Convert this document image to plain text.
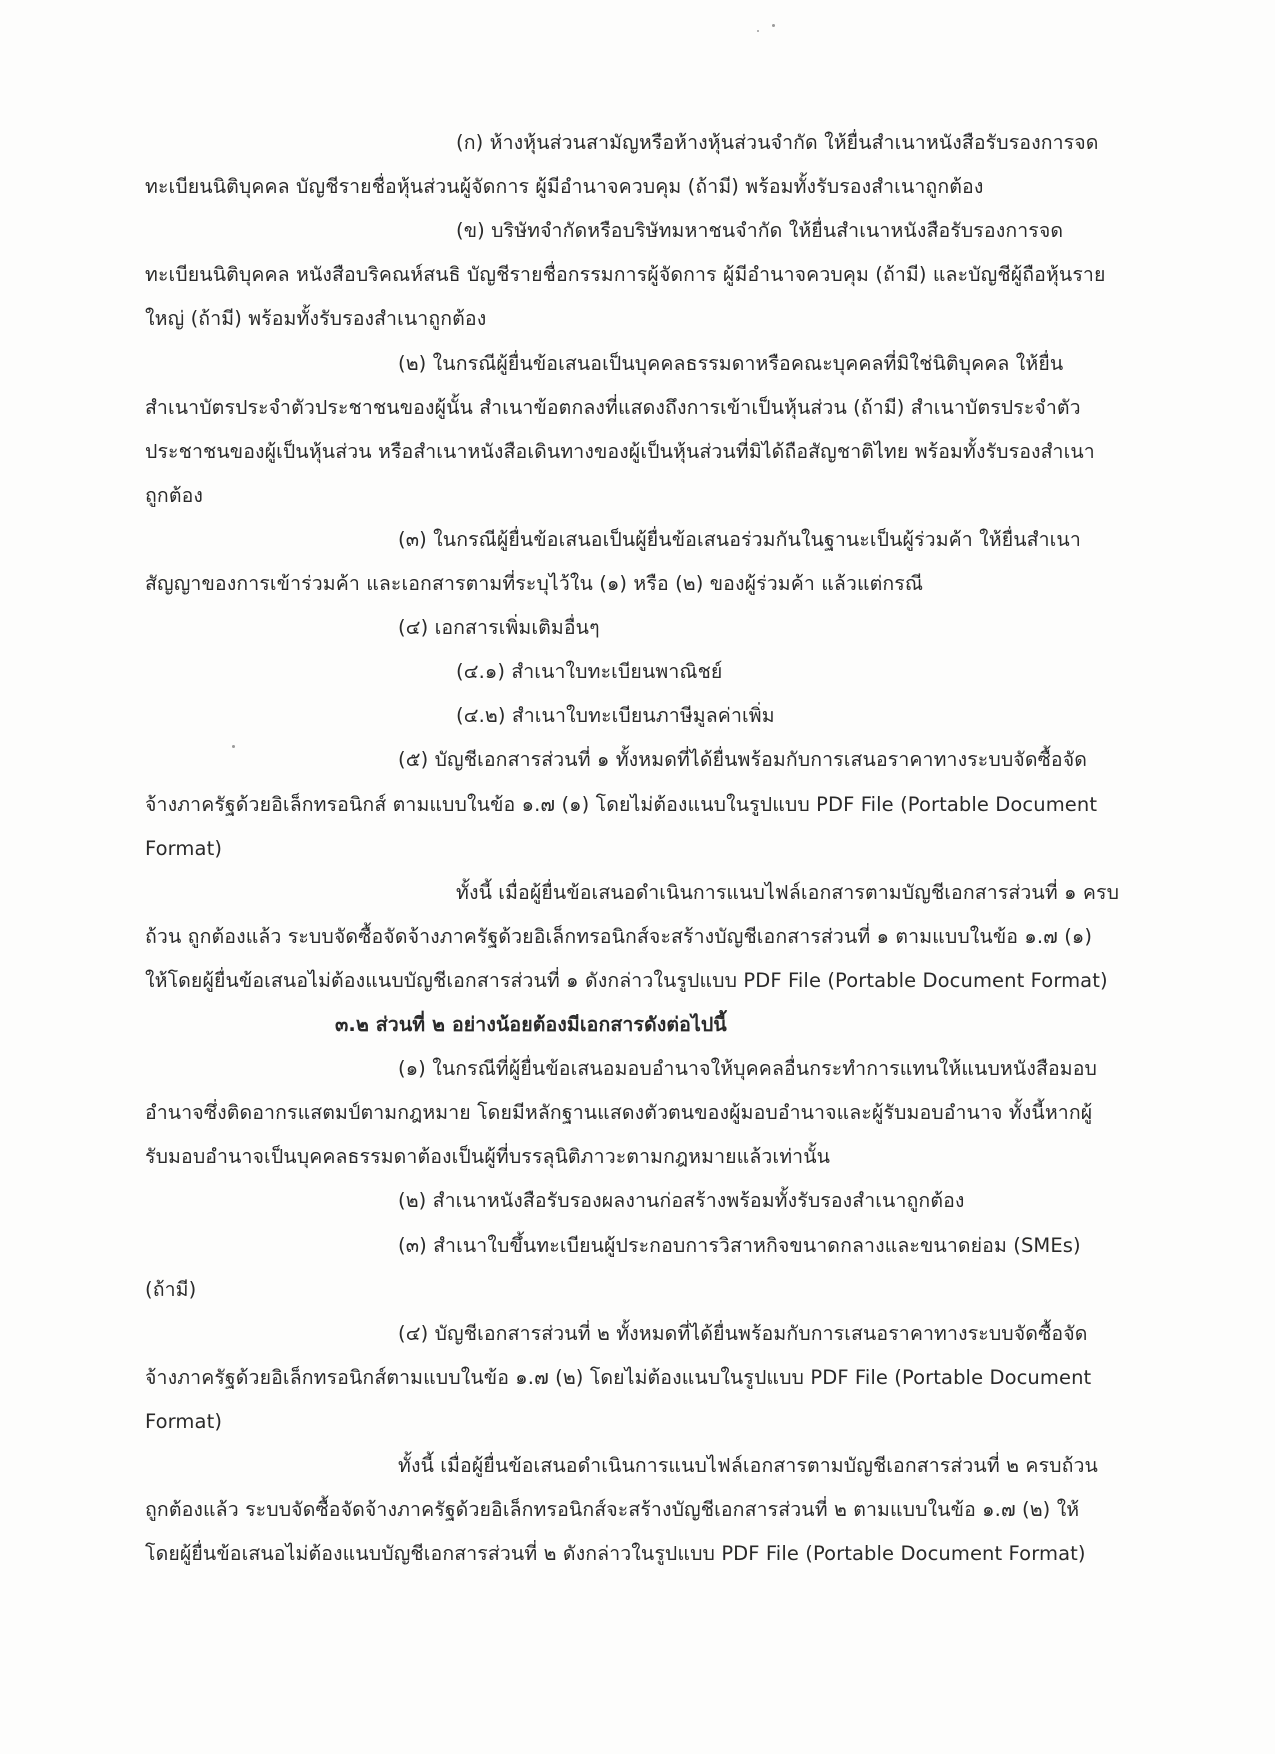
(ก) ห้างหุ้นส่วนสามัญหรือห้างหุ้นส่วนจำกัด ให้ยื่นสำเนาหนังสือรับรองการจด
ทะเบียนนิติบุคคล บัญชีรายชื่อหุ้นส่วนผู้จัดการ ผู้มีอำนาจควบคุม (ถ้ามี) พร้อมทั้งรับรองสำเนาถูกต้อง
(ข) บริษัทจำกัดหรือบริษัทมหาชนจำกัด ให้ยื่นสำเนาหนังสือรับรองการจด
ทะเบียนนิติบุคคล หนังสือบริคณห์สนธิ บัญชีรายชื่อกรรมการผู้จัดการ ผู้มีอำนาจควบคุม (ถ้ามี) และบัญชีผู้ถือหุ้นราย
ใหญ่ (ถ้ามี) พร้อมทั้งรับรองสำเนาถูกต้อง
(๒) ในกรณีผู้ยื่นข้อเสนอเป็นบุคคลธรรมดาหรือคณะบุคคลที่มิใช่นิติบุคคล ให้ยื่น
สำเนาบัตรประจำตัวประชาชนของผู้นั้น สำเนาข้อตกลงที่แสดงถึงการเข้าเป็นหุ้นส่วน (ถ้ามี) สำเนาบัตรประจำตัว
ประชาชนของผู้เป็นหุ้นส่วน หรือสำเนาหนังสือเดินทางของผู้เป็นหุ้นส่วนที่มิได้ถือสัญชาติไทย พร้อมทั้งรับรองสำเนา
ถูกต้อง
(๓) ในกรณีผู้ยื่นข้อเสนอเป็นผู้ยื่นข้อเสนอร่วมกันในฐานะเป็นผู้ร่วมค้า ให้ยื่นสำเนา
สัญญาของการเข้าร่วมค้า และเอกสารตามที่ระบุไว้ใน (๑) หรือ (๒) ของผู้ร่วมค้า แล้วแต่กรณี
(๔) เอกสารเพิ่มเติมอื่นๆ
(๔.๑) สำเนาใบทะเบียนพาณิชย์
(๔.๒) สำเนาใบทะเบียนภาษีมูลค่าเพิ่ม
(๕) บัญชีเอกสารส่วนที่ ๑ ทั้งหมดที่ได้ยื่นพร้อมกับการเสนอราคาทางระบบจัดซื้อจัด
จ้างภาครัฐด้วยอิเล็กทรอนิกส์ ตามแบบในข้อ ๑.๗ (๑) โดยไม่ต้องแนบในรูปแบบ PDF File (Portable Document
Format)
ทั้งนี้ เมื่อผู้ยื่นข้อเสนอดำเนินการแนบไฟล์เอกสารตามบัญชีเอกสารส่วนที่ ๑ ครบ
ถ้วน ถูกต้องแล้ว ระบบจัดซื้อจัดจ้างภาครัฐด้วยอิเล็กทรอนิกส์จะสร้างบัญชีเอกสารส่วนที่ ๑ ตามแบบในข้อ ๑.๗ (๑)
ให้โดยผู้ยื่นข้อเสนอไม่ต้องแนบบัญชีเอกสารส่วนที่ ๑ ดังกล่าวในรูปแบบ PDF File (Portable Document Format)
๓.๒ ส่วนที่ ๒ อย่างน้อยต้องมีเอกสารดังต่อไปนี้
(๑) ในกรณีที่ผู้ยื่นข้อเสนอมอบอำนาจให้บุคคลอื่นกระทำการแทนให้แนบหนังสือมอบ
อำนาจซึ่งติดอากรแสตมป์ตามกฎหมาย โดยมีหลักฐานแสดงตัวตนของผู้มอบอำนาจและผู้รับมอบอำนาจ ทั้งนี้หากผู้
รับมอบอำนาจเป็นบุคคลธรรมดาต้องเป็นผู้ที่บรรลุนิติภาวะตามกฎหมายแล้วเท่านั้น
(๒) สำเนาหนังสือรับรองผลงานก่อสร้างพร้อมทั้งรับรองสำเนาถูกต้อง
(๓) สำเนาใบขึ้นทะเบียนผู้ประกอบการวิสาหกิจขนาดกลางและขนาดย่อม (SMEs)
(ถ้ามี)
(๔) บัญชีเอกสารส่วนที่ ๒ ทั้งหมดที่ได้ยื่นพร้อมกับการเสนอราคาทางระบบจัดซื้อจัด
จ้างภาครัฐด้วยอิเล็กทรอนิกส์ตามแบบในข้อ ๑.๗ (๒) โดยไม่ต้องแนบในรูปแบบ PDF File (Portable Document
Format)
ทั้งนี้ เมื่อผู้ยื่นข้อเสนอดำเนินการแนบไฟล์เอกสารตามบัญชีเอกสารส่วนที่ ๒ ครบถ้วน
ถูกต้องแล้ว ระบบจัดซื้อจัดจ้างภาครัฐด้วยอิเล็กทรอนิกส์จะสร้างบัญชีเอกสารส่วนที่ ๒ ตามแบบในข้อ ๑.๗ (๒) ให้
โดยผู้ยื่นข้อเสนอไม่ต้องแนบบัญชีเอกสารส่วนที่ ๒ ดังกล่าวในรูปแบบ PDF File (Portable Document Format)
